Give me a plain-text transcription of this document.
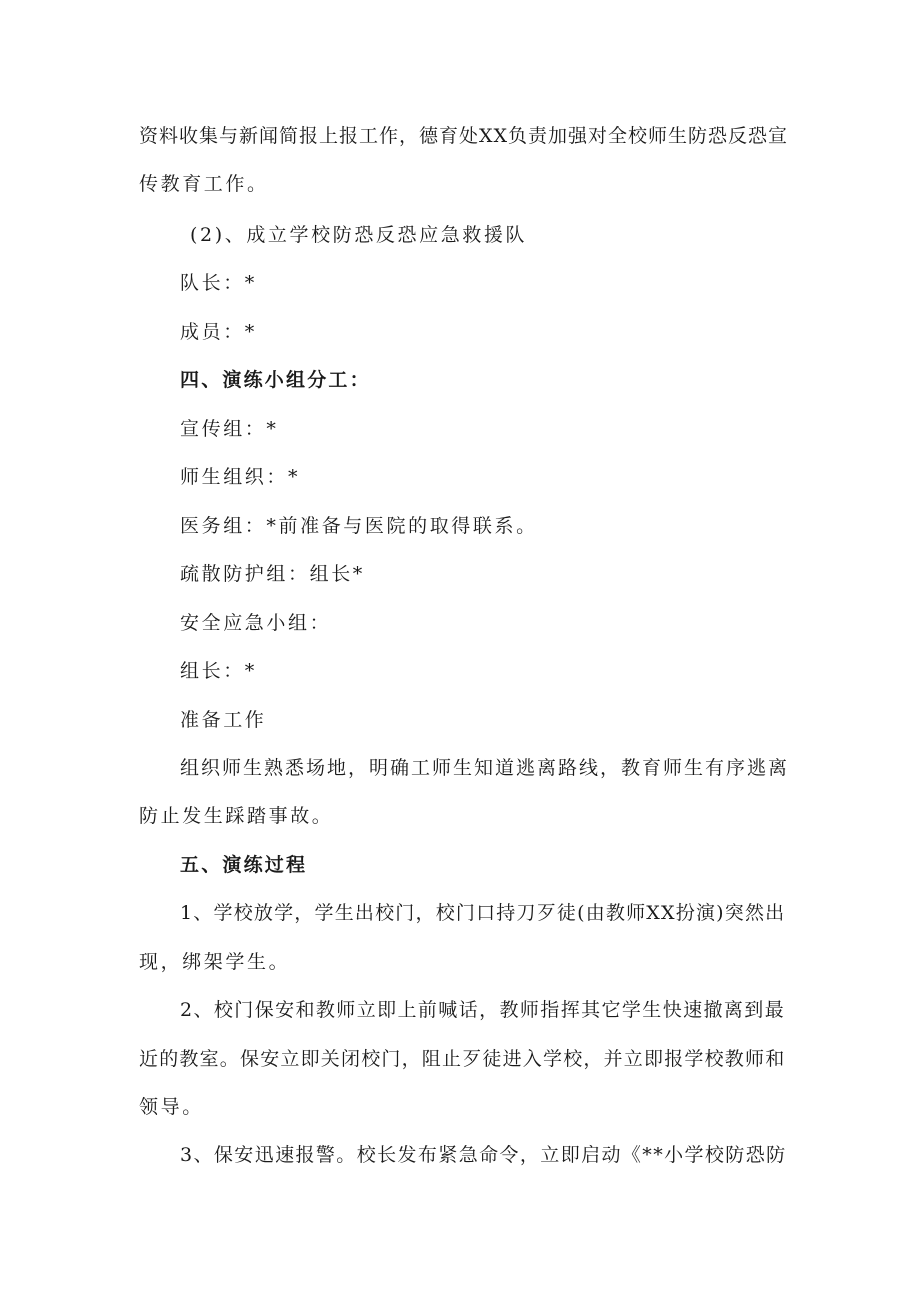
资料收集与新闻简报上报工作，德育处XX负责加强对全校师生防恐反恐宣
传教育工作。
(2)、成立学校防恐反恐应急救援队
队长：*
成员：*
四、演练小组分工：
宣传组：*
师生组织：*
医务组：*前准备与医院的取得联系。
疏散防护组：组长*
安全应急小组：
组长：*
准备工作
组织师生熟悉场地，明确工师生知道逃离路线，教育师生有序逃离
防止发生踩踏事故。
五、演练过程
1、学校放学，学生出校门，校门口持刀歹徒(由教师XX扮演)突然出
现，绑架学生。
2、校门保安和教师立即上前喊话，教师指挥其它学生快速撤离到最
近的教室。保安立即关闭校门，阻止歹徒进入学校，并立即报学校教师和
领导。
3、保安迅速报警。校长发布紧急命令，立即启动《**小学校防恐防
